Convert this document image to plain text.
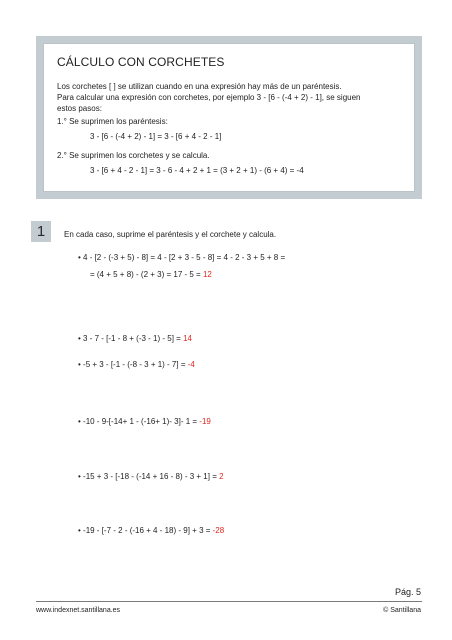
CÁLCULO CON CORCHETES
Los corchetes [ ] se utilizan cuando en una expresión hay más de un paréntesis.
Para calcular una expresión con corchetes, por ejemplo 3 - [6 - (-4 + 2) - 1], se siguen
estos pasos:
1.° Se suprimen los paréntesis:
3 - [6 - (-4 + 2) - 1] = 3 - [6 + 4 - 2 - 1]
2.° Se suprimen los corchetes y se calcula.
3 - [6 + 4 - 2 - 1] = 3 - 6 - 4 + 2 + 1 = (3 + 2 + 1) - (6 + 4) = -4
1	En cada caso, suprime el paréntesis y el corchete y calcula.
• 4 - [2 - (-3 + 5) - 8] = 4 - [2 + 3 - 5 - 8] = 4 - 2 - 3 + 5 + 8 =
= (4 + 5 + 8) - (2 + 3) = 17 - 5 = 12
• 3 - 7 - [-1 - 8 + (-3 - 1) - 5] = 14
• -5 + 3 - [-1 - (-8 - 3 + 1) - 7] = -4
• -10 - 9-[-14+ 1 - (-16+ 1)- 3]- 1 = -19
• -15 + 3 - [-18 - (-14 + 16 - 8) - 3 + 1] = 2
• -19 - [-7 - 2 - (-16 + 4 - 18) - 9] + 3 = -28
Pág. 5
www.indexnet.santillana.es	© Santillana
